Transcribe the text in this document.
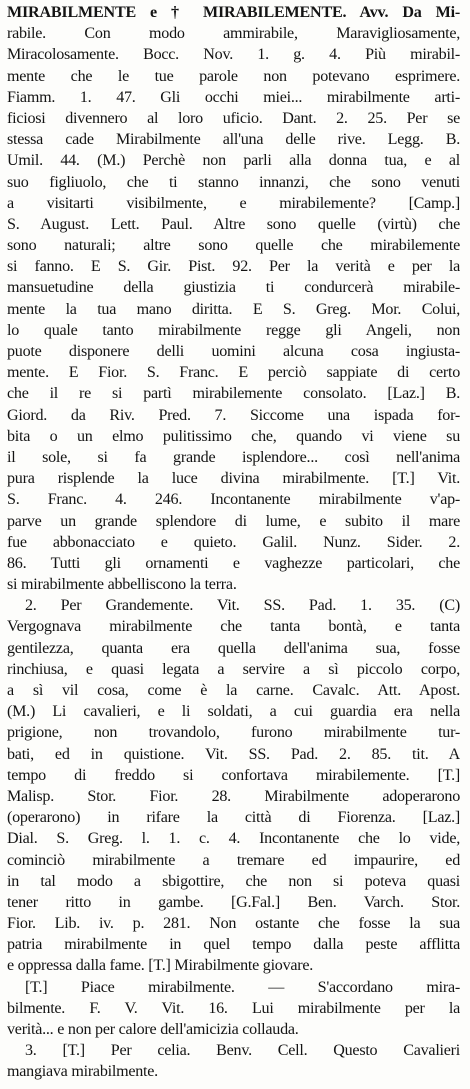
MIRABILMENTE e † MIRABILEMENTE. Avv. Da Mi-
rabile. Con modo ammirabile, Maravigliosamente,
Miracolosamente. Bocc. Nov. 1. g. 4. Più mirabil-
mente che le tue parole non potevano esprimere.
Fiamm. 1. 47. Gli occhi miei... mirabilmente arti-
ficiosi divennero al loro uficio. Dant. 2. 25. Per se
stessa cade Mirabilmente all'una delle rive. Legg. B.
Umil. 44. (M.) Perchè non parli alla donna tua, e al
suo figliuolo, che ti stanno innanzi, che sono venuti
a visitarti visibilmente, e mirabilemente? [Camp.]
S. August. Lett. Paul. Altre sono quelle (virtù) che
sono naturali; altre sono quelle che mirabilemente
si fanno. E S. Gir. Pist. 92. Per la verità e per la
mansuetudine della giustizia ti condurcerà mirabile-
mente la tua mano diritta. E S. Greg. Mor. Colui,
lo quale tanto mirabilmente regge gli Angeli, non
puote disponere delli uomini alcuna cosa ingiusta-
mente. E Fior. S. Franc. E perciò sappiate di certo
che il re si partì mirabilemente consolato. [Laz.] B.
Giord. da Riv. Pred. 7. Siccome una ispada for-
bita o un elmo pulitissimo che, quando vi viene su
il sole, si fa grande isplendore... così nell'anima
pura risplende la luce divina mirabilmente. [T.] Vit.
S. Franc. 4. 246. Incontanente mirabilmente v'ap-
parve un grande splendore di lume, e subito il mare
fue abbonacciato e quieto. Galil. Nunz. Sider. 2.
86. Tutti gli ornamenti e vaghezze particolari, che
si mirabilmente abbelliscono la terra.
2. Per Grandemente. Vit. SS. Pad. 1. 35. (C)
Vergognava mirabilmente che tanta bontà, e tanta
gentilezza, quanta era quella dell'anima sua, fosse
rinchiusa, e quasi legata a servire a sì piccolo corpo,
a sì vil cosa, come è la carne. Cavalc. Att. Apost.
(M.) Li cavalieri, e li soldati, a cui guardia era nella
prigione, non trovandolo, furono mirabilmente tur-
bati, ed in quistione. Vit. SS. Pad. 2. 85. tit. A
tempo di freddo si confortava mirabilemente. [T.]
Malisp. Stor. Fior. 28. Mirabilmente adoperarono
(operarono) in rifare la città di Fiorenza. [Laz.]
Dial. S. Greg. l. 1. c. 4. Incontanente che lo vide,
cominciò mirabilmente a tremare ed impaurire, ed
in tal modo a sbigottire, che non si poteva quasi
tener ritto in gambe. [G.Fal.] Ben. Varch. Stor.
Fior. Lib. iv. p. 281. Non ostante che fosse la sua
patria mirabilmente in quel tempo dalla peste afflitta
e oppressa dalla fame. [T.] Mirabilmente giovare.
[T.] Piace mirabilmente. — S'accordano mira-
bilmente. F. V. Vit. 16. Lui mirabilmente per la
verità... e non per calore dell'amicizia collauda.
3. [T.] Per celia. Benv. Cell. Questo Cavalieri
mangiava mirabilmente.
